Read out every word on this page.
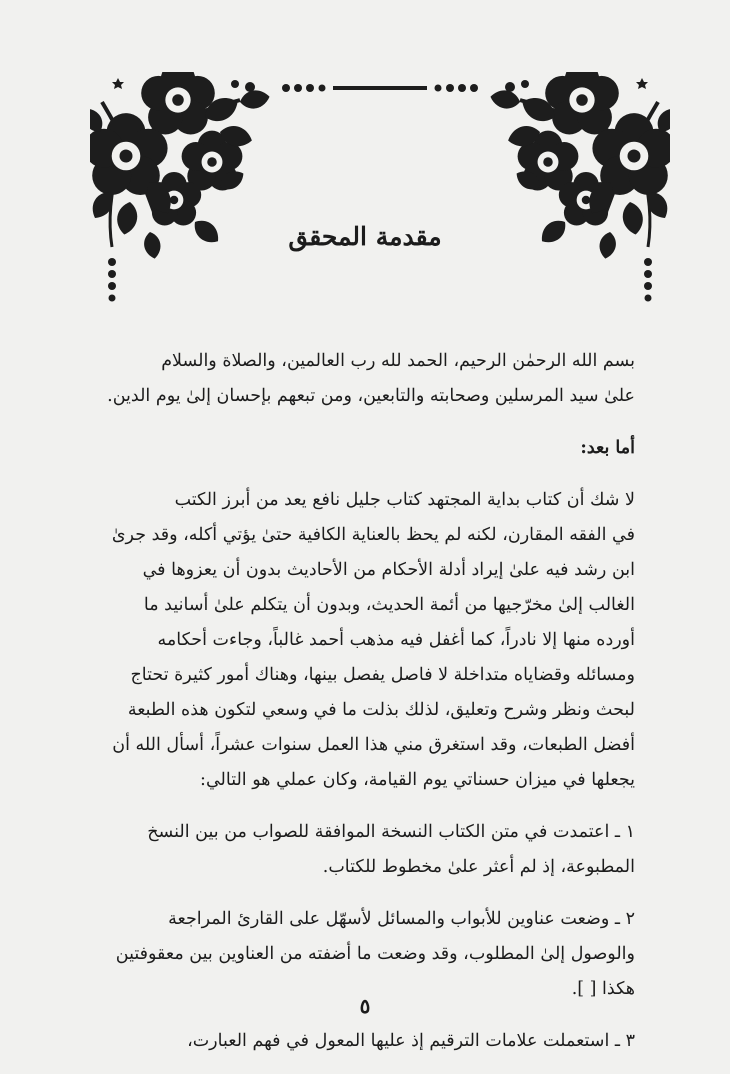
مقدمة المحقق

بسم الله الرحمٰن الرحيم، الحمد لله رب العالمين، والصلاة والسلام

علىٰ سيد المرسلين وصحابته والتابعين، ومن تبعهم بإحسان إلىٰ يوم الدين.

أما بعد:

لا شك أن كتاب بداية المجتهد كتاب جليل نافع يعد من أبرز الكتب

في الفقه المقارن، لكنه لم يحظ بالعناية الكافية حتىٰ يؤتي أكله، وقد جرىٰ

ابن رشد فيه علىٰ إيراد أدلة الأحكام من الأحاديث بدون أن يعزوها في

الغالب إلىٰ مخرّجيها من أئمة الحديث، وبدون أن يتكلم علىٰ أسانيد ما

أورده منها إلا نادراً، كما أغفل فيه مذهب أحمد غالباً، وجاءت أحكامه

ومسائله وقضاياه متداخلة لا فاصل يفصل بينها، وهناك أمور كثيرة تحتاج

لبحث ونظر وشرح وتعليق، لذلك بذلت ما في وسعي لتكون هذه الطبعة

أفضل الطبعات، وقد استغرق مني هذا العمل سنوات عشراً، أسأل الله أن

يجعلها في ميزان حسناتي يوم القيامة، وكان عملي هو التالي:

١ ـ اعتمدت في متن الكتاب النسخة الموافقة للصواب من بين النسخ

المطبوعة، إذ لم أعثر علىٰ مخطوط للكتاب.

٢ ـ وضعت عناوين للأبواب والمسائل لأسهّل على القارئ المراجعة

والوصول إلىٰ المطلوب، وقد وضعت ما أضفته من العناوين بين معقوفتين

هكذا [ ].

٣ ـ استعملت علامات الترقيم إذ عليها المعول في فهم العبارت،

٥
